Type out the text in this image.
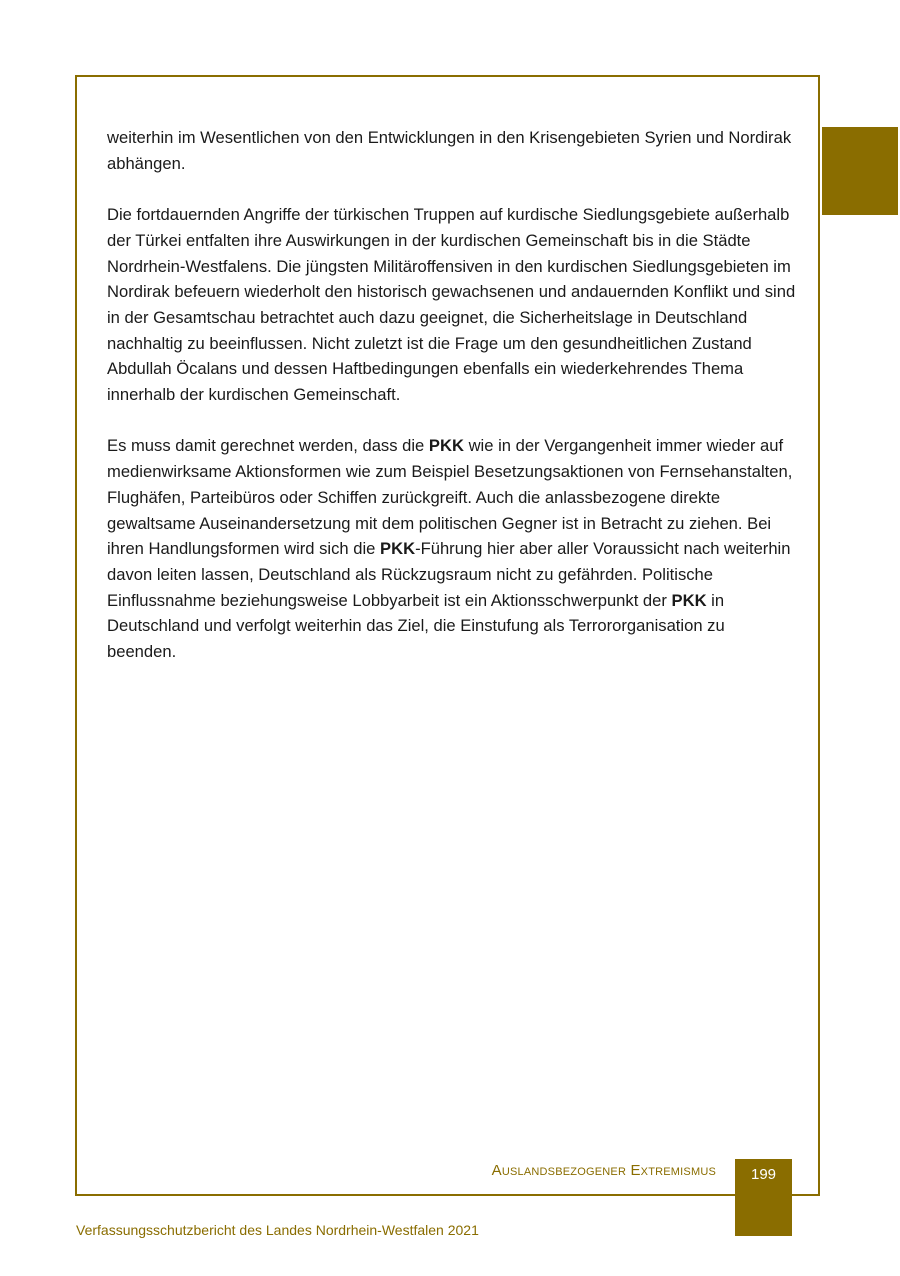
weiterhin im Wesentlichen von den Entwicklungen in den Krisengebieten Syrien und Nordirak abhängen.

Die fortdauernden Angriffe der türkischen Truppen auf kurdische Siedlungsgebiete außerhalb der Türkei entfalten ihre Auswirkungen in der kurdischen Gemeinschaft bis in die Städte Nordrhein-Westfalens. Die jüngsten Militäroffensiven in den kurdischen Siedlungsgebieten im Nordirak befeuern wiederholt den historisch gewachsenen und andauernden Konflikt und sind in der Gesamtschau betrachtet auch dazu geeignet, die Sicherheitslage in Deutschland nachhaltig zu beeinflussen. Nicht zuletzt ist die Frage um den gesundheitlichen Zustand Abdullah Öcalans und dessen Haftbedingungen ebenfalls ein wiederkehrendes Thema innerhalb der kurdischen Gemeinschaft.

Es muss damit gerechnet werden, dass die PKK wie in der Vergangenheit immer wieder auf medienwirksame Aktionsformen wie zum Beispiel Besetzungsaktionen von Fernsehanstalten, Flughäfen, Parteibüros oder Schiffen zurückgreift. Auch die anlassbezogene direkte gewaltsame Auseinandersetzung mit dem politischen Gegner ist in Betracht zu ziehen. Bei ihren Handlungsformen wird sich die PKK-Führung hier aber aller Voraussicht nach weiterhin davon leiten lassen, Deutschland als Rückzugsraum nicht zu gefährden. Politische Einflussnahme beziehungsweise Lobbyarbeit ist ein Aktionsschwerpunkt der PKK in Deutschland und verfolgt weiterhin das Ziel, die Einstufung als Terrororganisation zu beenden.

Auslandsbezogener Extremismus	199
Verfassungsschutzbericht des Landes Nordrhein-Westfalen 2021
